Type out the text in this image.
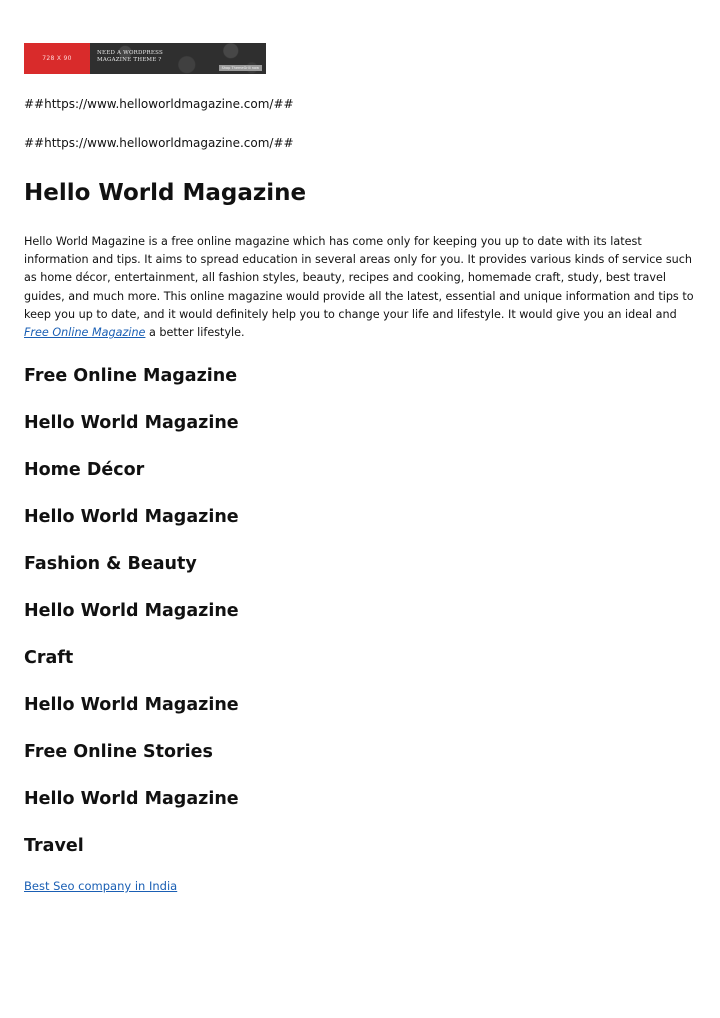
728 X 90
NEED A WORDPRESS
MAGAZINE THEME ?
Shop ThemeGrill now

##https://www.helloworldmagazine.com/##

##https://www.helloworldmagazine.com/##

Hello World Magazine

Hello World Magazine is a free online magazine which has come only for keeping you up to date with its latest information and tips. It aims to spread education in several areas only for you. It provides various kinds of service such as home décor, entertainment, all fashion styles, beauty, recipes and cooking, homemade craft, study, best travel guides, and much more. This online magazine would provide all the latest, essential and unique information and tips to keep you up to date, and it would definitely help you to change your life and lifestyle. It would give you an ideal and Free Online Magazine a better lifestyle.

Free Online Magazine
Hello World Magazine
Home Décor
Hello World Magazine
Fashion & Beauty
Hello World Magazine
Craft
Hello World Magazine
Free Online Stories
Hello World Magazine
Travel
Best Seo company in India
